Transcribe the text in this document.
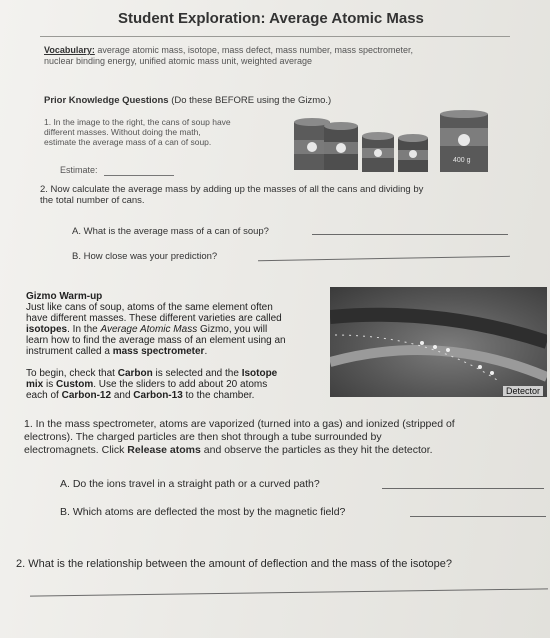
Student Exploration: Average Atomic Mass
Vocabulary: average atomic mass, isotope, mass defect, mass number, mass spectrometer,
nuclear binding energy, unified atomic mass unit, weighted average
Prior Knowledge Questions (Do these BEFORE using the Gizmo.)
1. In the image to the right, the cans of soup have
different masses. Without doing the math,
estimate the average mass of a can of soup.
Estimate:
400 g
2. Now calculate the average mass by adding up the masses of all the cans and dividing by
the total number of cans.
A. What is the average mass of a can of soup?
B. How close was your prediction?
Gizmo Warm-up
Just like cans of soup, atoms of the same element often
have different masses. These different varieties are called
isotopes. In the Average Atomic Mass Gizmo, you will
learn how to find the average mass of an element using an
instrument called a mass spectrometer.
To begin, check that Carbon is selected and the Isotope
mix is Custom. Use the sliders to add about 20 atoms
each of Carbon-12 and Carbon-13 to the chamber.	Detector
1. In the mass spectrometer, atoms are vaporized (turned into a gas) and ionized (stripped of
electrons). The charged particles are then shot through a tube surrounded by
electromagnets. Click Release atoms and observe the particles as they hit the detector.
A. Do the ions travel in a straight path or a curved path?
B. Which atoms are deflected the most by the magnetic field?
2. What is the relationship between the amount of deflection and the mass of the isotope?
